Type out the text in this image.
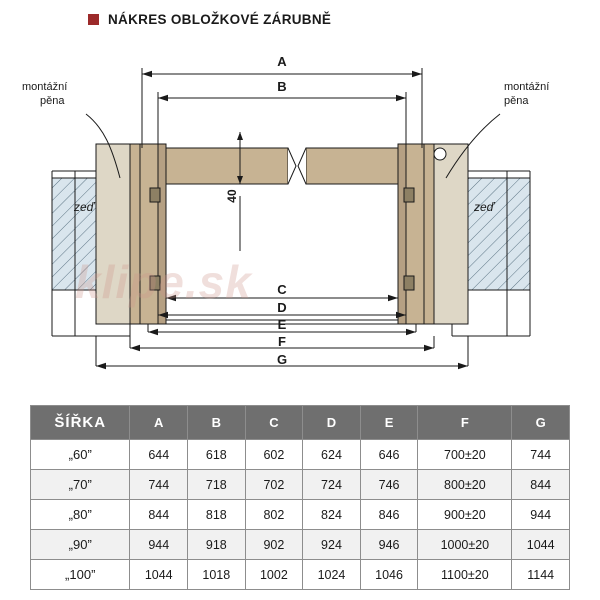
NÁKRES OBLOŽKOVÉ ZÁRUBNĚ
montážní
pěna
montážní
pěna
zeď	zeď
40
A
B
C
D
E
F
G
klipe.sk
ŠÍŘKA	A	B	C	D	E	F	G
„60”	644	618	602	624	646	700±20	744
„70”	744	718	702	724	746	800±20	844
„80”	844	818	802	824	846	900±20	944
„90”	944	918	902	924	946	1000±20	1044
„100”	1044	1018	1002	1024	1046	1100±20	1144
